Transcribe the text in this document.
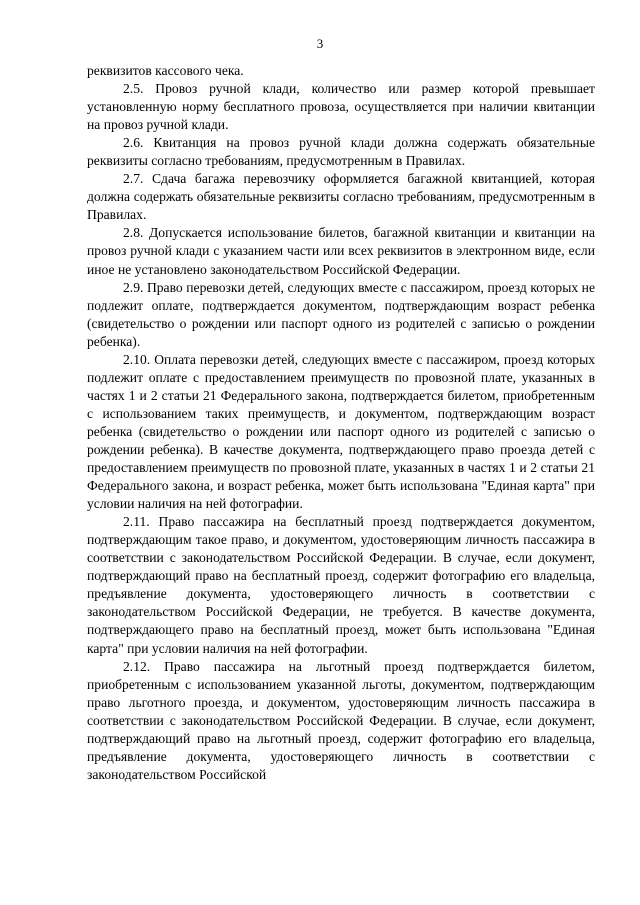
3

реквизитов кассового чека.

2.5. Провоз ручной клади, количество или размер которой превышает установленную норму бесплатного провоза, осуществляется при наличии квитанции на провоз ручной клади.

2.6. Квитанция на провоз ручной клади должна содержать обязательные реквизиты согласно требованиям, предусмотренным в Правилах.

2.7. Сдача багажа перевозчику оформляется багажной квитанцией, которая должна содержать обязательные реквизиты согласно требованиям, предусмотренным в Правилах.

2.8. Допускается использование билетов, багажной квитанции и квитанции на провоз ручной клади с указанием части или всех реквизитов в электронном виде, если иное не установлено законодательством Российской Федерации.

2.9. Право перевозки детей, следующих вместе с пассажиром, проезд которых не подлежит оплате, подтверждается документом, подтверждающим возраст ребенка (свидетельство о рождении или паспорт одного из родителей с записью о рождении ребенка).

2.10. Оплата перевозки детей, следующих вместе с пассажиром, проезд которых подлежит оплате с предоставлением преимуществ по провозной плате, указанных в частях 1 и 2 статьи 21 Федерального закона, подтверждается билетом, приобретенным с использованием таких преимуществ, и документом, подтверждающим возраст ребенка (свидетельство о рождении или паспорт одного из родителей с записью о рождении ребенка). В качестве документа, подтверждающего право проезда детей с предоставлением преимуществ по провозной плате, указанных в частях 1 и 2 статьи 21 Федерального закона, и возраст ребенка, может быть использована "Единая карта" при условии наличия на ней фотографии.

2.11. Право пассажира на бесплатный проезд подтверждается документом, подтверждающим такое право, и документом, удостоверяющим личность пассажира в соответствии с законодательством Российской Федерации. В случае, если документ, подтверждающий право на бесплатный проезд, содержит фотографию его владельца, предъявление документа, удостоверяющего личность в соответствии с законодательством Российской Федерации, не требуется. В качестве документа, подтверждающего право на бесплатный проезд, может быть использована "Единая карта" при условии наличия на ней фотографии.

2.12. Право пассажира на льготный проезд подтверждается билетом, приобретенным с использованием указанной льготы, документом, подтверждающим право льготного проезда, и документом, удостоверяющим личность пассажира в соответствии с законодательством Российской Федерации. В случае, если документ, подтверждающий право на льготный проезд, содержит фотографию его владельца, предъявление документа, удостоверяющего личность в соответствии с законодательством Российской
